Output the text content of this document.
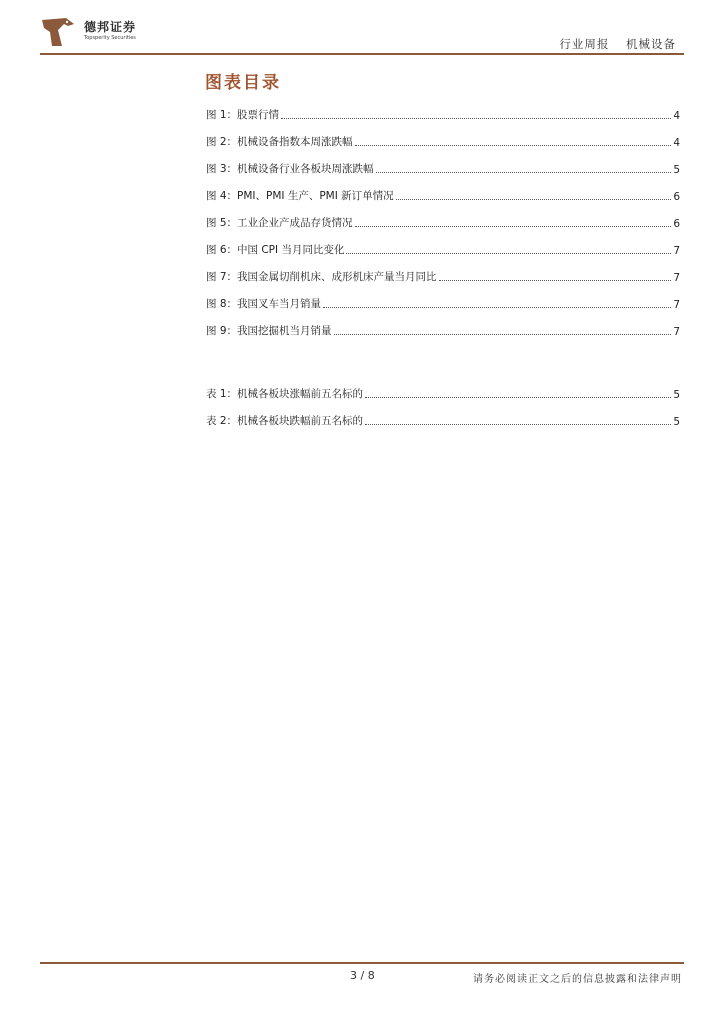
德邦证券
Topsperity Securities	行业周报 机械设备
图表目录
图 1：股票行情	4
图 2：机械设备指数本周涨跌幅	4
图 3：机械设备行业各板块周涨跌幅	5
图 4：PMI、PMI 生产、PMI 新订单情况	6
图 5：工业企业产成品存货情况	6
图 6：中国 CPI 当月同比变化	7
图 7：我国金属切削机床、成形机床产量当月同比	7
图 8：我国叉车当月销量	7
图 9：我国挖掘机当月销量	7
表 1：机械各板块涨幅前五名标的	5
表 2：机械各板块跌幅前五名标的	5
3 / 8	请务必阅读正文之后的信息披露和法律声明
